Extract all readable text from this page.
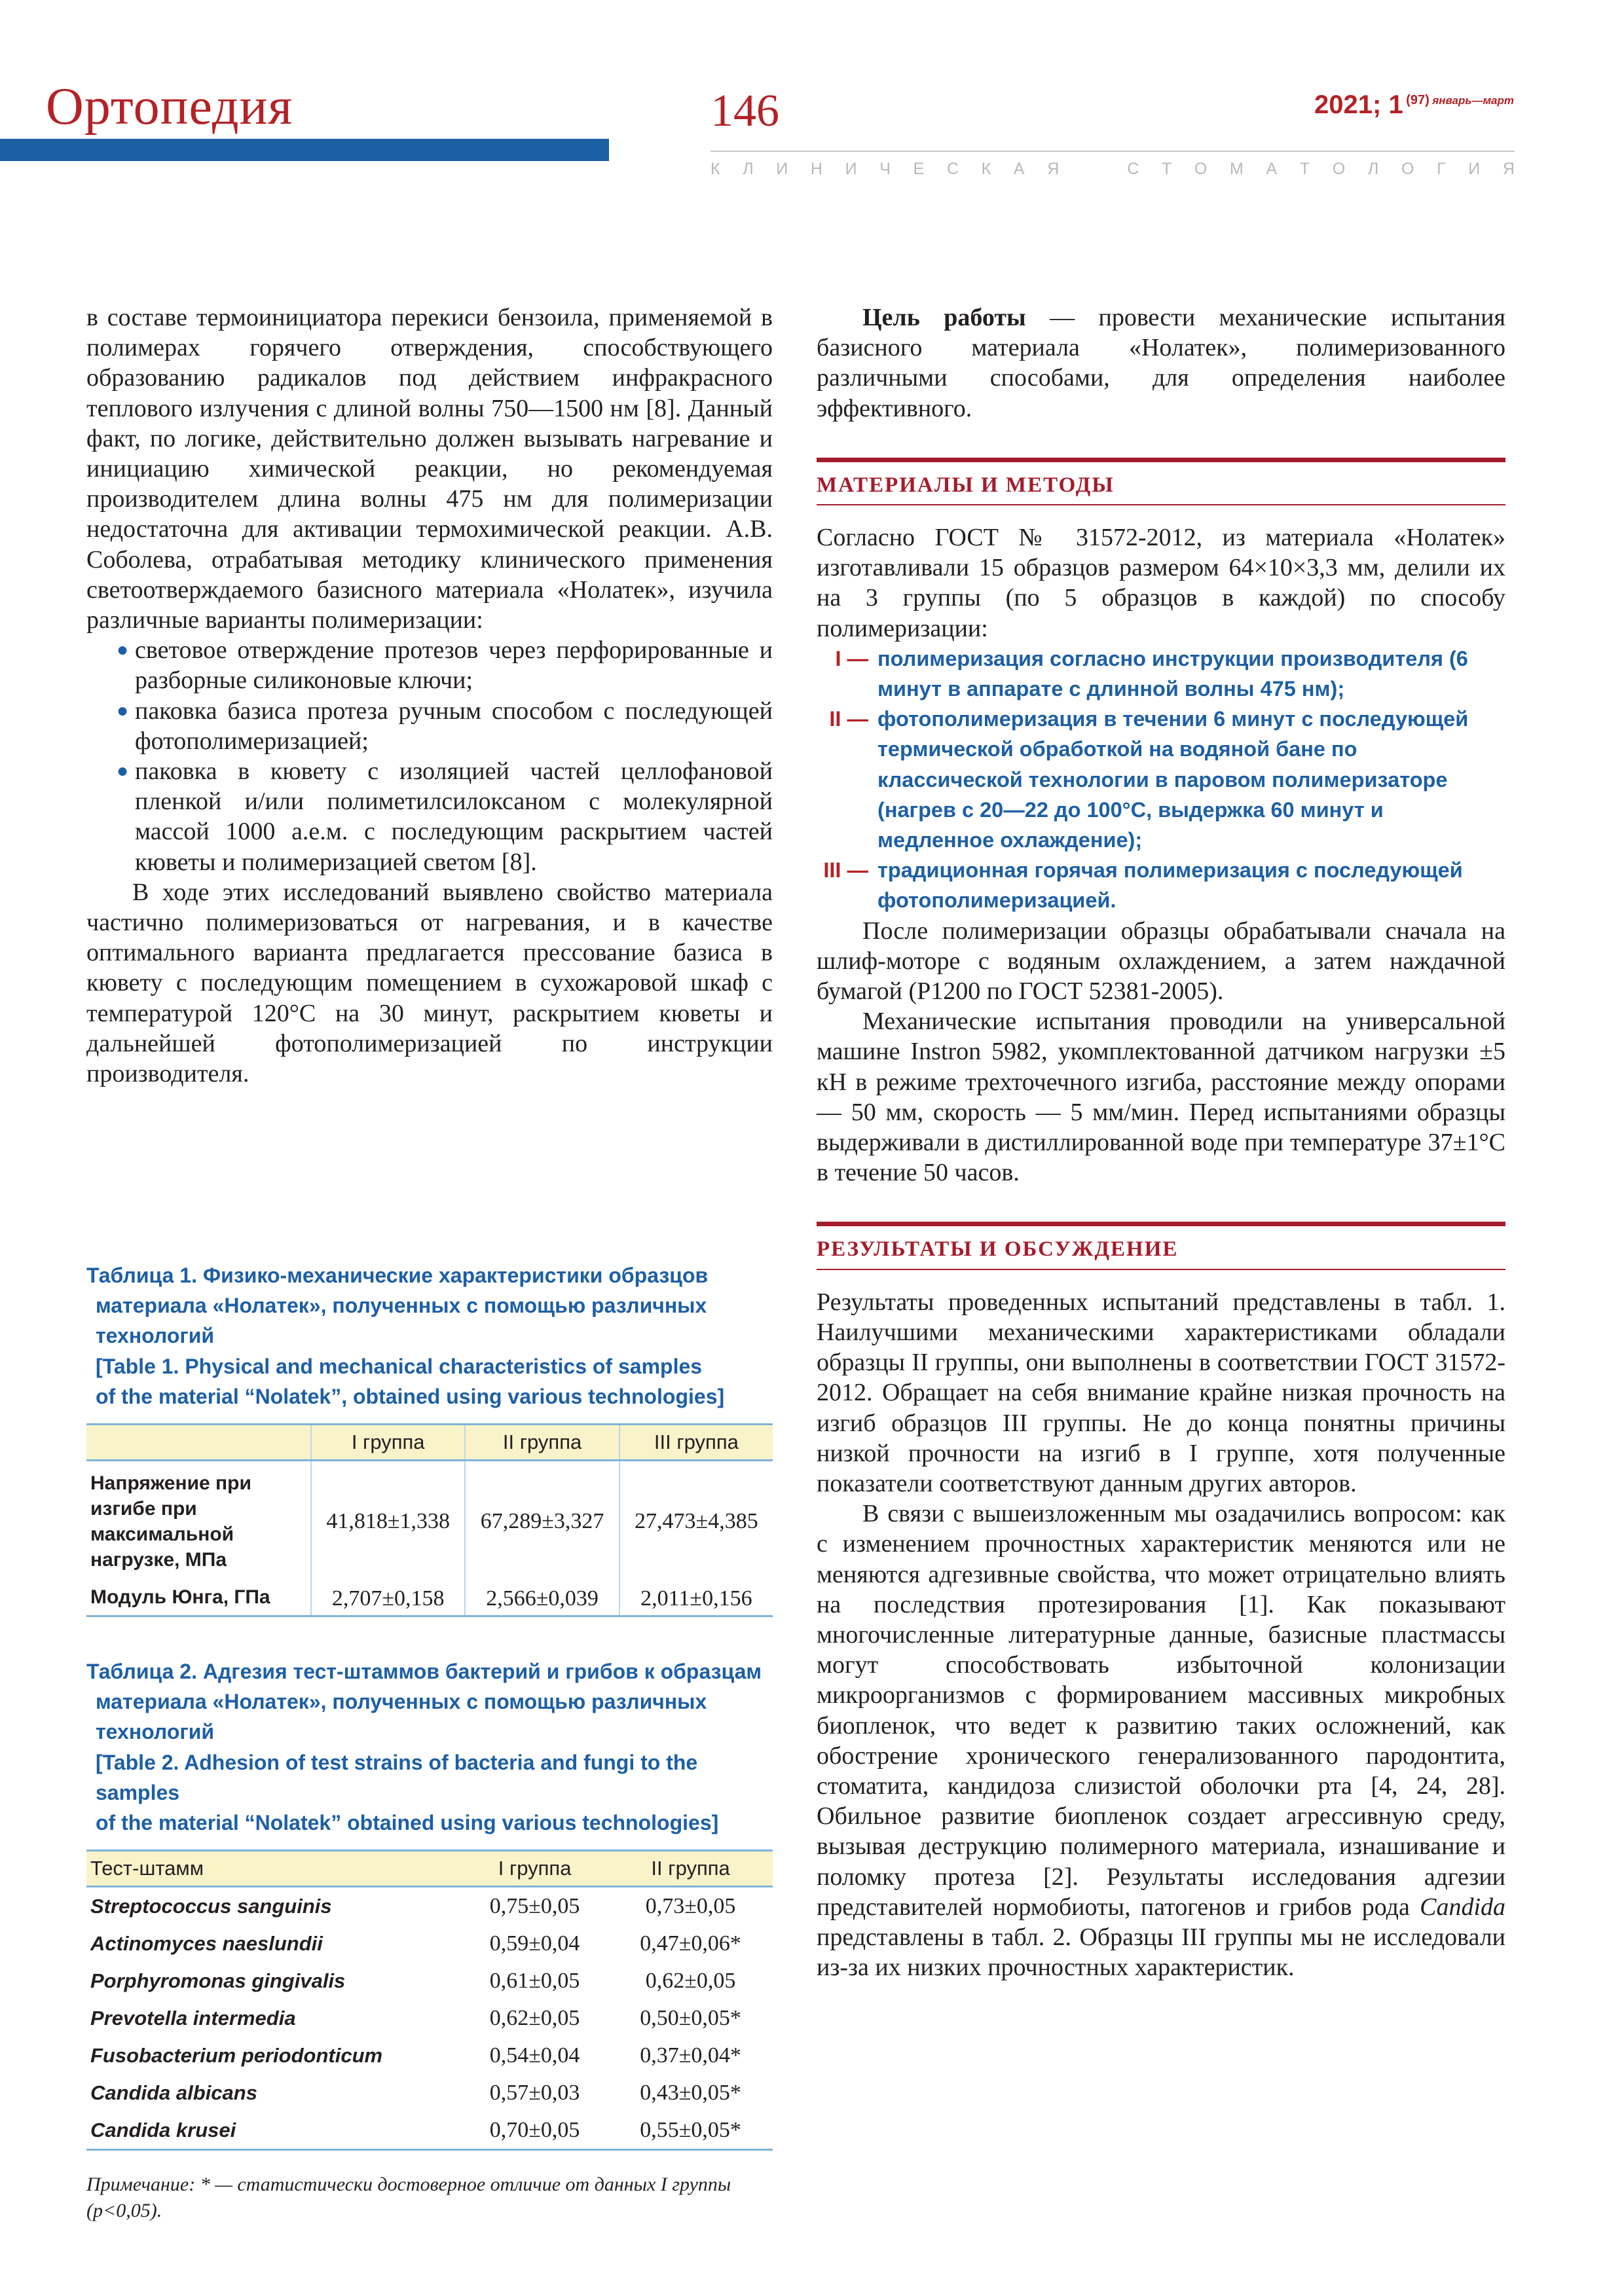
Ортопедия	146	2021; 1 (97) январь—март
К Л И Н И Ч Е С К А Я	С Т О М А Т О Л О Г И Я

в составе термоинициатора перекиси бензоила, применяемой в полимерах горячего отверждения, способствующего образованию радикалов под действием инфракрасного теплового излучения с длиной волны 750—1500 нм [8]. Данный факт, по логике, действительно должен вызывать нагревание и инициацию химической реакции, но рекомендуемая производителем длина волны 475 нм для полимеризации недостаточна для активации термохимической реакции. А.В. Соболева, отрабатывая методику клинического применения светоотверждаемого базисного материала «Нолатек», изучила различные варианты полимеризации:

● световое отверждение протезов через перфорированные и разборные силиконовые ключи;
● паковка базиса протеза ручным способом с последующей фотополимеризацией;
● паковка в кювету с изоляцией частей целлофановой пленкой и/или полиметилсилоксаном с молекулярной массой 1000 а.е.м. с последующим раскрытием частей кюветы и полимеризацией светом [8].

В ходе этих исследований выявлено свойство материала частично полимеризоваться от нагревания, и в качестве оптимального варианта предлагается прессование базиса в кювету с последующим помещением в сухожаровой шкаф с температурой 120°С на 30 минут, раскрытием кюветы и дальнейшей фотополимеризацией по инструкции производителя.

Таблица 1. Физико-механические характеристики образцов
материала «Нолатек», полученных с помощью различных
технологий
[Table 1. Physical and mechanical characteristics of samples
of the material “Nolatek”, obtained using various technologies]
	I группа	II группа	III группа
Напряжение при изгибе при максимальной нагрузке, МПа	41,818±1,338	67,289±3,327	27,473±4,385
Модуль Юнга, ГПа	2,707±0,158	2,566±0,039	2,011±0,156
Таблица 2. Адгезия тест-штаммов бактерий и грибов к образцам
материала «Нолатек», полученных с помощью различных
технологий
[Table 2. Adhesion of test strains of bacteria and fungi to the samples
of the material “Nolatek” obtained using various technologies]
Тест-штамм	I группа	II группа
Streptococcus sanguinis	0,75±0,05	0,73±0,05
Actinomyces naeslundii	0,59±0,04	0,47±0,06*
Porphyromonas gingivalis	0,61±0,05	0,62±0,05
Prevotella intermedia	0,62±0,05	0,50±0,05*
Fusobacterium periodonticum	0,54±0,04	0,37±0,04*
Candida albicans	0,57±0,03	0,43±0,05*
Candida krusei	0,70±0,05	0,55±0,05*
Примечание: * — статистически достоверное отличие от данных I группы (p<0,05).

Цель работы — провести механические испытания базисного материала «Нолатек», полимеризованного различными способами, для определения наиболее эффективного.

МАТЕРИАЛЫ И МЕТОДЫ

Согласно ГОСТ № 31572-2012, из материала «Нолатек» изготавливали 15 образцов размером 64×10×3,3 мм, делили их на 3 группы (по 5 образцов в каждой) по способу полимеризации:

I — полимеризация согласно инструкции производителя (6 минут в аппарате с длинной волны 475 нм);
II — фотополимеризация в течении 6 минут с последующей термической обработкой на водяной бане по классической технологии в паровом полимеризаторе (нагрев с 20—22 до 100°С, выдержка 60 минут и медленное охлаждение);
III — традиционная горячая полимеризация с последующей фотополимеризацией.

После полимеризации образцы обрабатывали сначала на шлиф-моторе с водяным охлаждением, а затем наждачной бумагой (Р1200 по ГОСТ 52381-2005).

Механические испытания проводили на универсальной машине Instron 5982, укомплектованной датчиком нагрузки ±5 кН в режиме трехточечного изгиба, расстояние между опорами — 50 мм, скорость — 5 мм/мин. Перед испытаниями образцы выдерживали в дистиллированной воде при температуре 37±1°С в течение 50 часов.

РЕЗУЛЬТАТЫ И ОБСУЖДЕНИЕ

Результаты проведенных испытаний представлены в табл. 1. Наилучшими механическими характеристиками обладали образцы II группы, они выполнены в соответствии ГОСТ 31572-2012. Обращает на себя внимание крайне низкая прочность на изгиб образцов III группы. Не до конца понятны причины низкой прочности на изгиб в I группе, хотя полученные показатели соответствуют данным других авторов.

В связи с вышеизложенным мы озадачились вопросом: как с изменением прочностных характеристик меняются или не меняются адгезивные свойства, что может отрицательно влиять на последствия протезирования [1]. Как показывают многочисленные литературные данные, базисные пластмассы могут способствовать избыточной колонизации микроорганизмов с формированием массивных микробных биопленок, что ведет к развитию таких осложнений, как обострение хронического генерализованного пародонтита, стоматита, кандидоза слизистой оболочки рта [4, 24, 28]. Обильное развитие биопленок создает агрессивную среду, вызывая деструкцию полимерного материала, изнашивание и поломку протеза [2]. Результаты исследования адгезии представителей нормобиоты, патогенов и грибов рода Candida представлены в табл. 2. Образцы III группы мы не исследовали из-за их низких прочностных характеристик.
